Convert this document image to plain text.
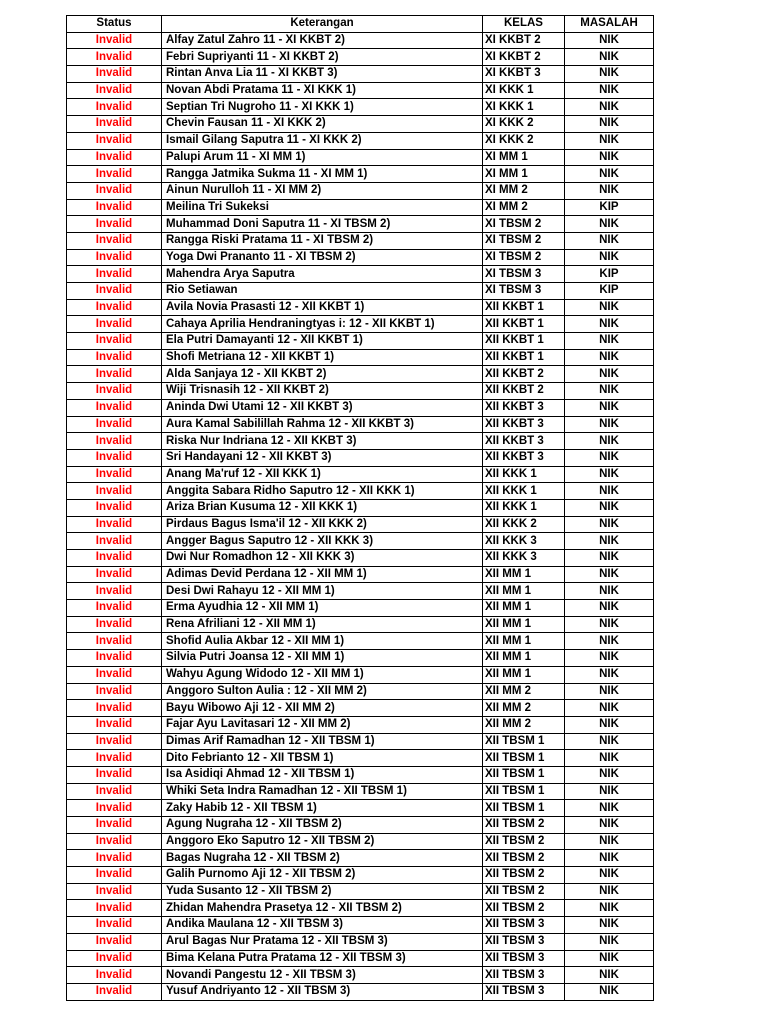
Status	Keterangan	KELAS	MASALAH
Invalid	Alfay Zatul Zahro 11 - XI KKBT 2)	XI KKBT 2	NIK
Invalid	Febri Supriyanti 11 - XI KKBT 2)	XI KKBT 2	NIK
Invalid	Rintan Anva Lia 11 - XI KKBT 3)	XI KKBT 3	NIK
Invalid	Novan Abdi Pratama 11 - XI KKK 1)	XI KKK 1	NIK
Invalid	Septian Tri Nugroho 11 - XI KKK 1)	XI KKK 1	NIK
Invalid	Chevin Fausan 11 - XI KKK 2)	XI KKK 2	NIK
Invalid	Ismail Gilang Saputra 11 - XI KKK 2)	XI KKK 2	NIK
Invalid	Palupi Arum 11 - XI MM 1)	XI MM 1	NIK
Invalid	Rangga Jatmika Sukma 11 - XI MM 1)	XI MM 1	NIK
Invalid	Ainun Nurulloh 11 - XI MM 2)	XI MM 2	NIK
Invalid	Meilina Tri Sukeksi	XI MM 2	KIP
Invalid	Muhammad Doni Saputra 11 - XI TBSM 2)	XI TBSM 2	NIK
Invalid	Rangga Riski Pratama 11 - XI TBSM 2)	XI TBSM 2	NIK
Invalid	Yoga Dwi Prananto 11 - XI TBSM 2)	XI TBSM 2	NIK
Invalid	Mahendra Arya Saputra	XI TBSM 3	KIP
Invalid	Rio Setiawan	XI TBSM 3	KIP
Invalid	Avila Novia Prasasti 12 - XII KKBT 1)	XII KKBT 1	NIK
Invalid	Cahaya Aprilia Hendraningtyas i: 12 - XII KKBT 1)	XII KKBT 1	NIK
Invalid	Ela Putri Damayanti 12 - XII KKBT 1)	XII KKBT 1	NIK
Invalid	Shofi Metriana 12 - XII KKBT 1)	XII KKBT 1	NIK
Invalid	Alda Sanjaya 12 - XII KKBT 2)	XII KKBT 2	NIK
Invalid	Wiji Trisnasih 12 - XII KKBT 2)	XII KKBT 2	NIK
Invalid	Aninda Dwi Utami 12 - XII KKBT 3)	XII KKBT 3	NIK
Invalid	Aura Kamal Sabilillah Rahma 12 - XII KKBT 3)	XII KKBT 3	NIK
Invalid	Riska Nur Indriana 12 - XII KKBT 3)	XII KKBT 3	NIK
Invalid	Sri Handayani 12 - XII KKBT 3)	XII KKBT 3	NIK
Invalid	Anang Ma'ruf 12 - XII KKK 1)	XII KKK 1	NIK
Invalid	Anggita Sabara Ridho Saputro 12 - XII KKK 1)	XII KKK 1	NIK
Invalid	Ariza Brian Kusuma 12 - XII KKK 1)	XII KKK 1	NIK
Invalid	Pirdaus Bagus Isma'il 12 - XII KKK 2)	XII KKK 2	NIK
Invalid	Angger Bagus Saputro 12 - XII KKK 3)	XII KKK 3	NIK
Invalid	Dwi Nur Romadhon 12 - XII KKK 3)	XII KKK 3	NIK
Invalid	Adimas Devid Perdana 12 - XII MM 1)	XII MM 1	NIK
Invalid	Desi Dwi Rahayu 12 - XII MM 1)	XII MM 1	NIK
Invalid	Erma Ayudhia 12 - XII MM 1)	XII MM 1	NIK
Invalid	Rena Afriliani 12 - XII MM 1)	XII MM 1	NIK
Invalid	Shofid Aulia Akbar 12 - XII MM 1)	XII MM 1	NIK
Invalid	Silvia Putri Joansa 12 - XII MM 1)	XII MM 1	NIK
Invalid	Wahyu Agung Widodo 12 - XII MM 1)	XII MM 1	NIK
Invalid	Anggoro Sulton Aulia : 12 - XII MM 2)	XII MM 2	NIK
Invalid	Bayu Wibowo Aji 12 - XII MM 2)	XII MM 2	NIK
Invalid	Fajar Ayu Lavitasari 12 - XII MM 2)	XII MM 2	NIK
Invalid	Dimas Arif Ramadhan 12 - XII TBSM 1)	XII TBSM 1	NIK
Invalid	Dito Febrianto 12 - XII TBSM 1)	XII TBSM 1	NIK
Invalid	Isa Asidiqi Ahmad 12 - XII TBSM 1)	XII TBSM 1	NIK
Invalid	Whiki Seta Indra Ramadhan 12 - XII TBSM 1)	XII TBSM 1	NIK
Invalid	Zaky Habib 12 - XII TBSM 1)	XII TBSM 1	NIK
Invalid	Agung Nugraha 12 - XII TBSM 2)	XII TBSM 2	NIK
Invalid	Anggoro Eko Saputro 12 - XII TBSM 2)	XII TBSM 2	NIK
Invalid	Bagas Nugraha 12 - XII TBSM 2)	XII TBSM 2	NIK
Invalid	Galih Purnomo Aji 12 - XII TBSM 2)	XII TBSM 2	NIK
Invalid	Yuda Susanto 12 - XII TBSM 2)	XII TBSM 2	NIK
Invalid	Zhidan Mahendra Prasetya 12 - XII TBSM 2)	XII TBSM 2	NIK
Invalid	Andika Maulana 12 - XII TBSM 3)	XII TBSM 3	NIK
Invalid	Arul Bagas Nur Pratama 12 - XII TBSM 3)	XII TBSM 3	NIK
Invalid	Bima Kelana Putra Pratama 12 - XII TBSM 3)	XII TBSM 3	NIK
Invalid	Novandi Pangestu 12 - XII TBSM 3)	XII TBSM 3	NIK
Invalid	Yusuf Andriyanto 12 - XII TBSM 3)	XII TBSM 3	NIK
